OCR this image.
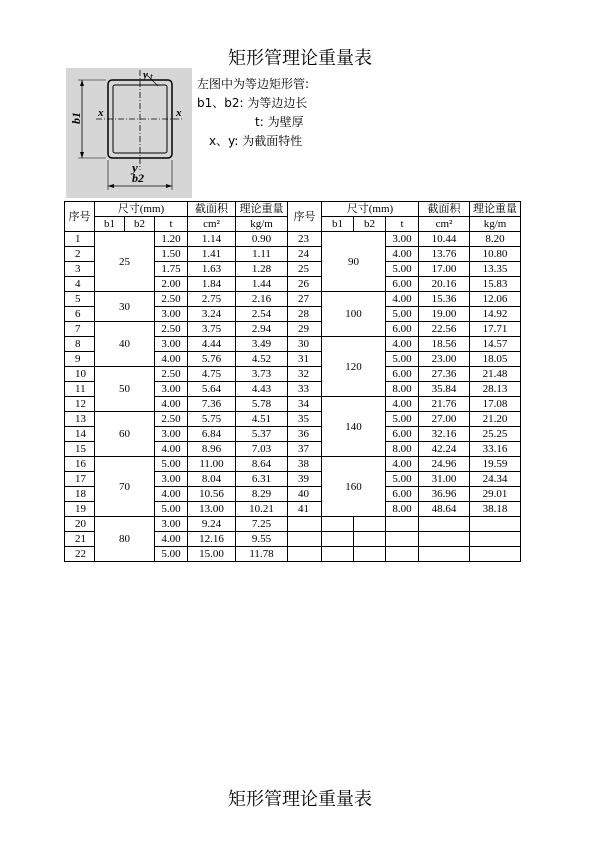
矩形管理论重量表
b1
b2
t
x	x
y
y
左图中为等边矩形管:
b1、b2: 为等边边长
t: 为壁厚
x、y: 为截面特性
序号	尺寸(mm)			截面积	理论重量	序号	尺寸(mm)			截面积	理论重量
	b1	b2	t	cm²	kg/m		b1	b2	t	cm²	kg/m
1	25		1.20	1.14	0.90	23	90		3.00	10.44	8.20
2			1.50	1.41	1.11	24			4.00	13.76	10.80
3			1.75	1.63	1.28	25			5.00	17.00	13.35
4			2.00	1.84	1.44	26			6.00	20.16	15.83
5	30		2.50	2.75	2.16	27	100		4.00	15.36	12.06
6			3.00	3.24	2.54	28			5.00	19.00	14.92
7	40		2.50	3.75	2.94	29			6.00	22.56	17.71
8			3.00	4.44	3.49	30	120		4.00	18.56	14.57
9			4.00	5.76	4.52	31			5.00	23.00	18.05
10	50		2.50	4.75	3.73	32			6.00	27.36	21.48
11			3.00	5.64	4.43	33			8.00	35.84	28.13
12			4.00	7.36	5.78	34	140		4.00	21.76	17.08
13	60		2.50	5.75	4.51	35			5.00	27.00	21.20
14			3.00	6.84	5.37	36			6.00	32.16	25.25
15			4.00	8.96	7.03	37			8.00	42.24	33.16
16	70		5.00	11.00	8.64	38	160		4.00	24.96	19.59
17			3.00	8.04	6.31	39			5.00	31.00	24.34
18			4.00	10.56	8.29	40			6.00	36.96	29.01
19			5.00	13.00	10.21	41			8.00	48.64	38.18
20	80		3.00	9.24	7.25						
21			4.00	12.16	9.55						
22			5.00	15.00	11.78						
矩形管理论重量表
